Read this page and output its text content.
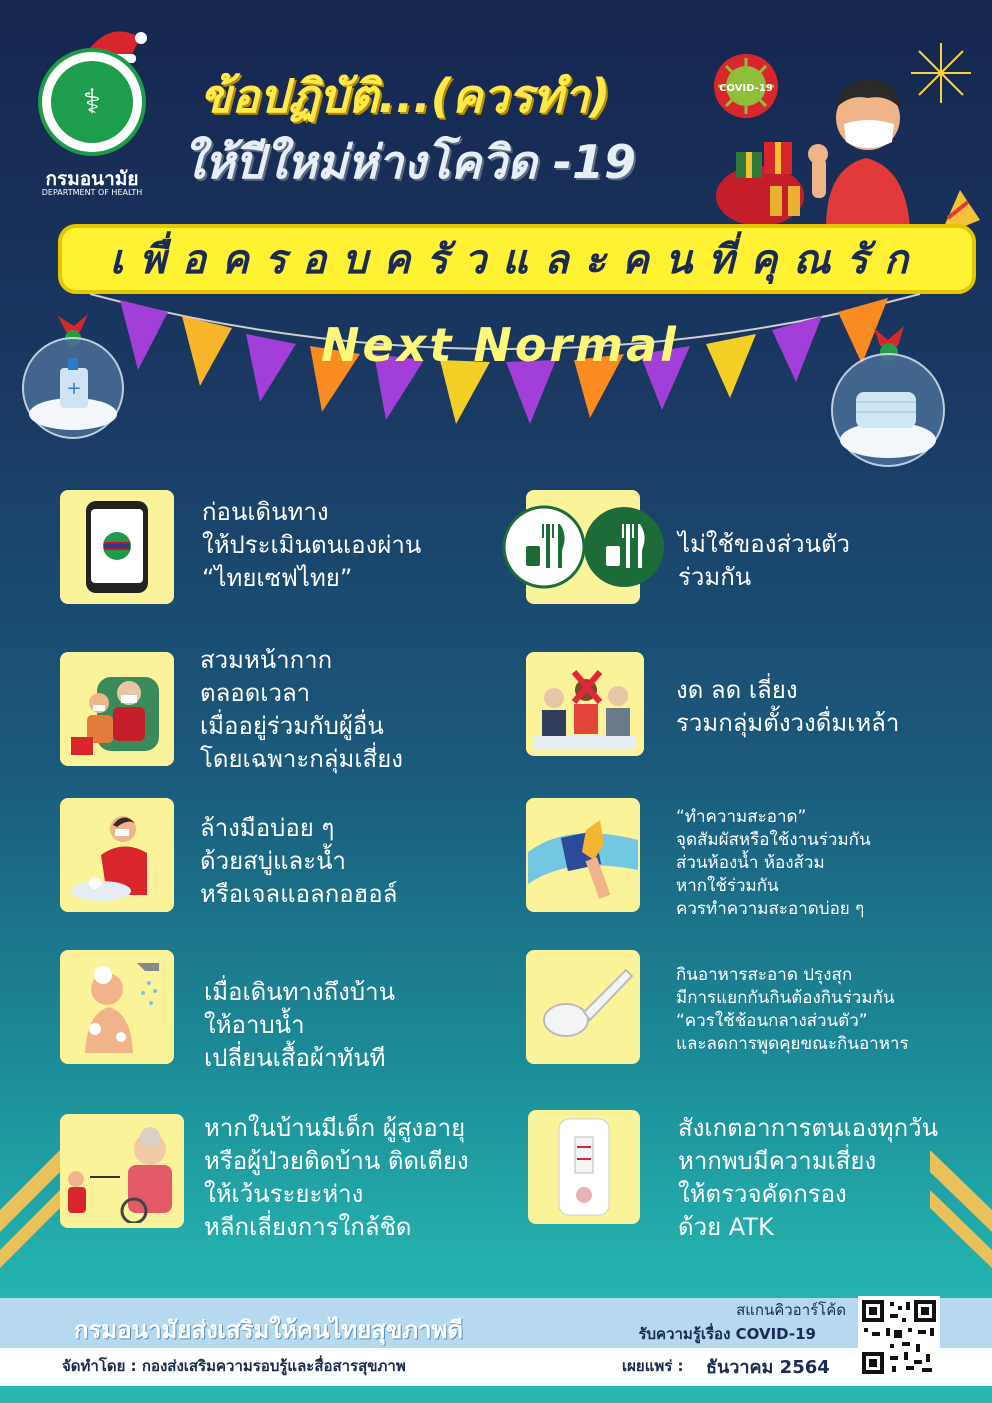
⚕
กรมอนามัย
DEPARTMENT OF HEALTH
ข้อปฏิบัติ...(ควรทำ)
ให้ปีใหม่ห่างโควิด -19
COVID-19
เพื่อครอบครัวและคนที่คุณรัก
Next Normal
+
ก่อนเดินทาง
ให้ประเมินตนเองผ่าน
“ไทยเซฟไทย”
สวมหน้ากาก
ตลอดเวลา
เมื่ออยู่ร่วมกับผู้อื่น
โดยเฉพาะกลุ่มเสี่ยง
ล้างมือบ่อย ๆ
ด้วยสบู่และน้ำ
หรือเจลแอลกอฮอล์
เมื่อเดินทางถึงบ้าน
ให้อาบน้ำ
เปลี่ยนเสื้อผ้าทันที
หากในบ้านมีเด็ก ผู้สูงอายุ
หรือผู้ป่วยติดบ้าน ติดเตียง
ให้เว้นระยะห่าง
หลีกเลี่ยงการใกล้ชิด
ไม่ใช้ของส่วนตัว
ร่วมกัน
งด ลด เลี่ยง
รวมกลุ่มตั้งวงดื่มเหล้า
“ทำความสะอาด”
จุดสัมผัสหรือใช้งานร่วมกัน
ส่วนห้องน้ำ ห้องส้วม
หากใช้ร่วมกัน
ควรทำความสะอาดบ่อย ๆ
กินอาหารสะอาด ปรุงสุก
มีการแยกกันกินต้องกินร่วมกัน
“ควรใช้ช้อนกลางส่วนตัว”
และลดการพูดคุยขณะกินอาหาร
สังเกตอาการตนเองทุกวัน
หากพบมีความเสี่ยง
ให้ตรวจคัดกรอง
ด้วย ATK
กรมอนามัยส่งเสริมให้คนไทยสุขภาพดี
สแกนคิวอาร์โค้ด
รับความรู้เรื่อง COVID-19
จัดทำโดย : กองส่งเสริมความรอบรู้และสื่อสารสุขภาพ	เผยแพร่ : ธันวาคม 2564
